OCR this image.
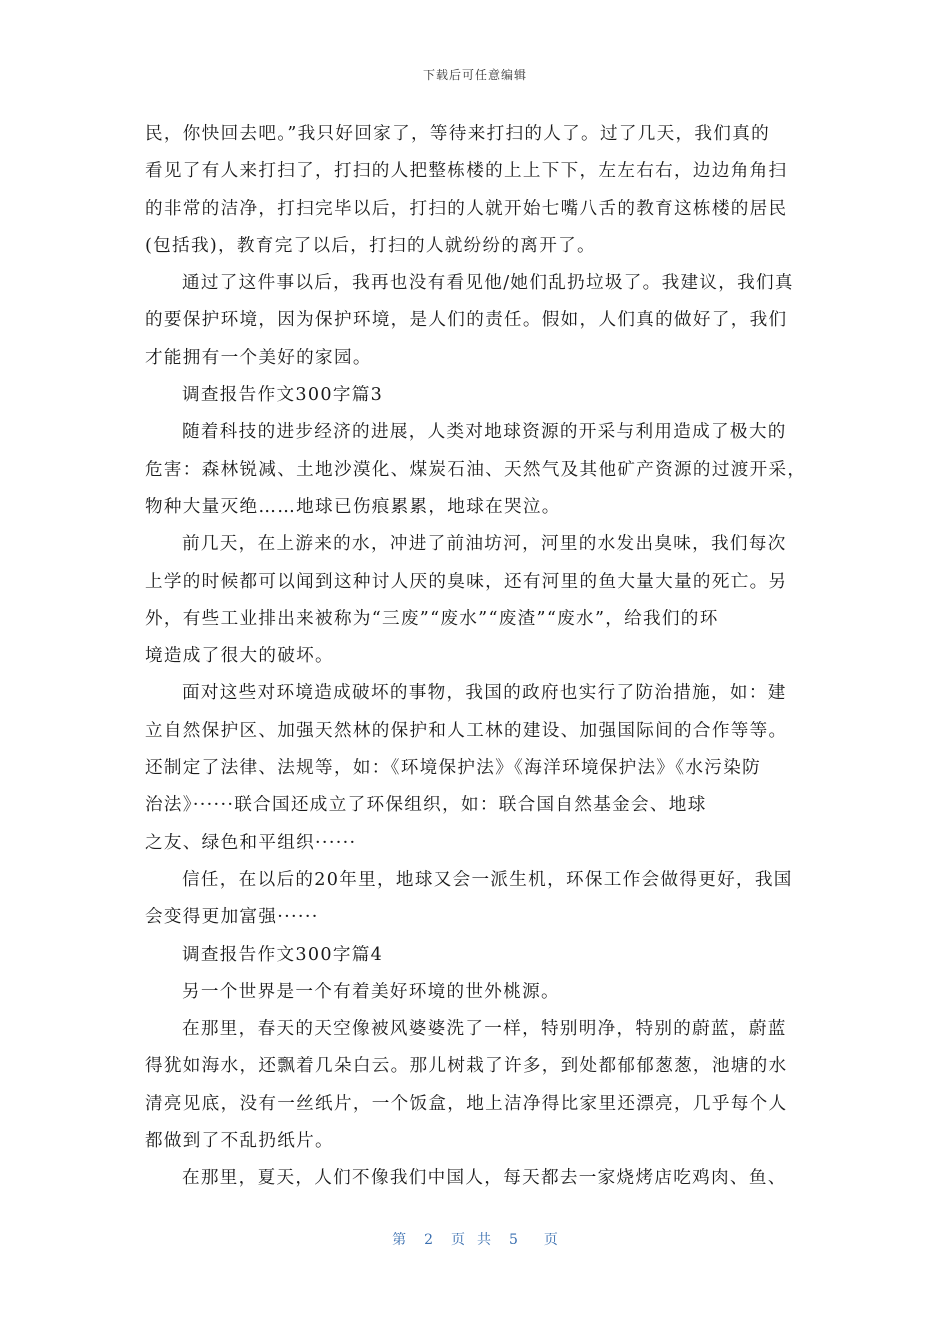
下载后可任意编辑
民，你快回去吧。”我只好回家了，等待来打扫的人了。过了几天，我们真的
看见了有人来打扫了，打扫的人把整栋楼的上上下下，左左右右，边边角角扫
的非常的洁净，打扫完毕以后，打扫的人就开始七嘴八舌的教育这栋楼的居民
(包括我)，教育完了以后，打扫的人就纷纷的离开了。
通过了这件事以后，我再也没有看见他/她们乱扔垃圾了。我建议，我们真
的要保护环境，因为保护环境，是人们的责任。假如，人们真的做好了，我们
才能拥有一个美好的家园。
调查报告作文300字篇3
随着科技的进步经济的进展，人类对地球资源的开采与利用造成了极大的
危害：森林锐减、土地沙漠化、煤炭石油、天然气及其他矿产资源的过渡开采，
物种大量灭绝……地球已伤痕累累，地球在哭泣。
前几天，在上游来的水，冲进了前油坊河，河里的水发出臭味，我们每次
上学的时候都可以闻到这种讨人厌的臭味，还有河里的鱼大量大量的死亡。另
外，有些工业排出来被称为“三废”“废水”“废渣”“废水”，给我们的环
境造成了很大的破坏。
面对这些对环境造成破坏的事物，我国的政府也实行了防治措施，如：建
立自然保护区、加强天然林的保护和人工林的建设、加强国际间的合作等等。
还制定了法律、法规等，如：《环境保护法》《海洋环境保护法》《水污染防
治法》······联合国还成立了环保组织，如：联合国自然基金会、地球
之友、绿色和平组织······
信任，在以后的20年里，地球又会一派生机，环保工作会做得更好，我国
会变得更加富强······
调查报告作文300字篇4
另一个世界是一个有着美好环境的世外桃源。
在那里，春天的天空像被风婆婆洗了一样，特别明净，特别的蔚蓝，蔚蓝
得犹如海水，还飘着几朵白云。那儿树栽了许多，到处都郁郁葱葱，池塘的水
清亮见底，没有一丝纸片，一个饭盒，地上洁净得比家里还漂亮，几乎每个人
都做到了不乱扔纸片。
在那里，夏天，人们不像我们中国人，每天都去一家烧烤店吃鸡肉、鱼、
第 2 页共 5 页
